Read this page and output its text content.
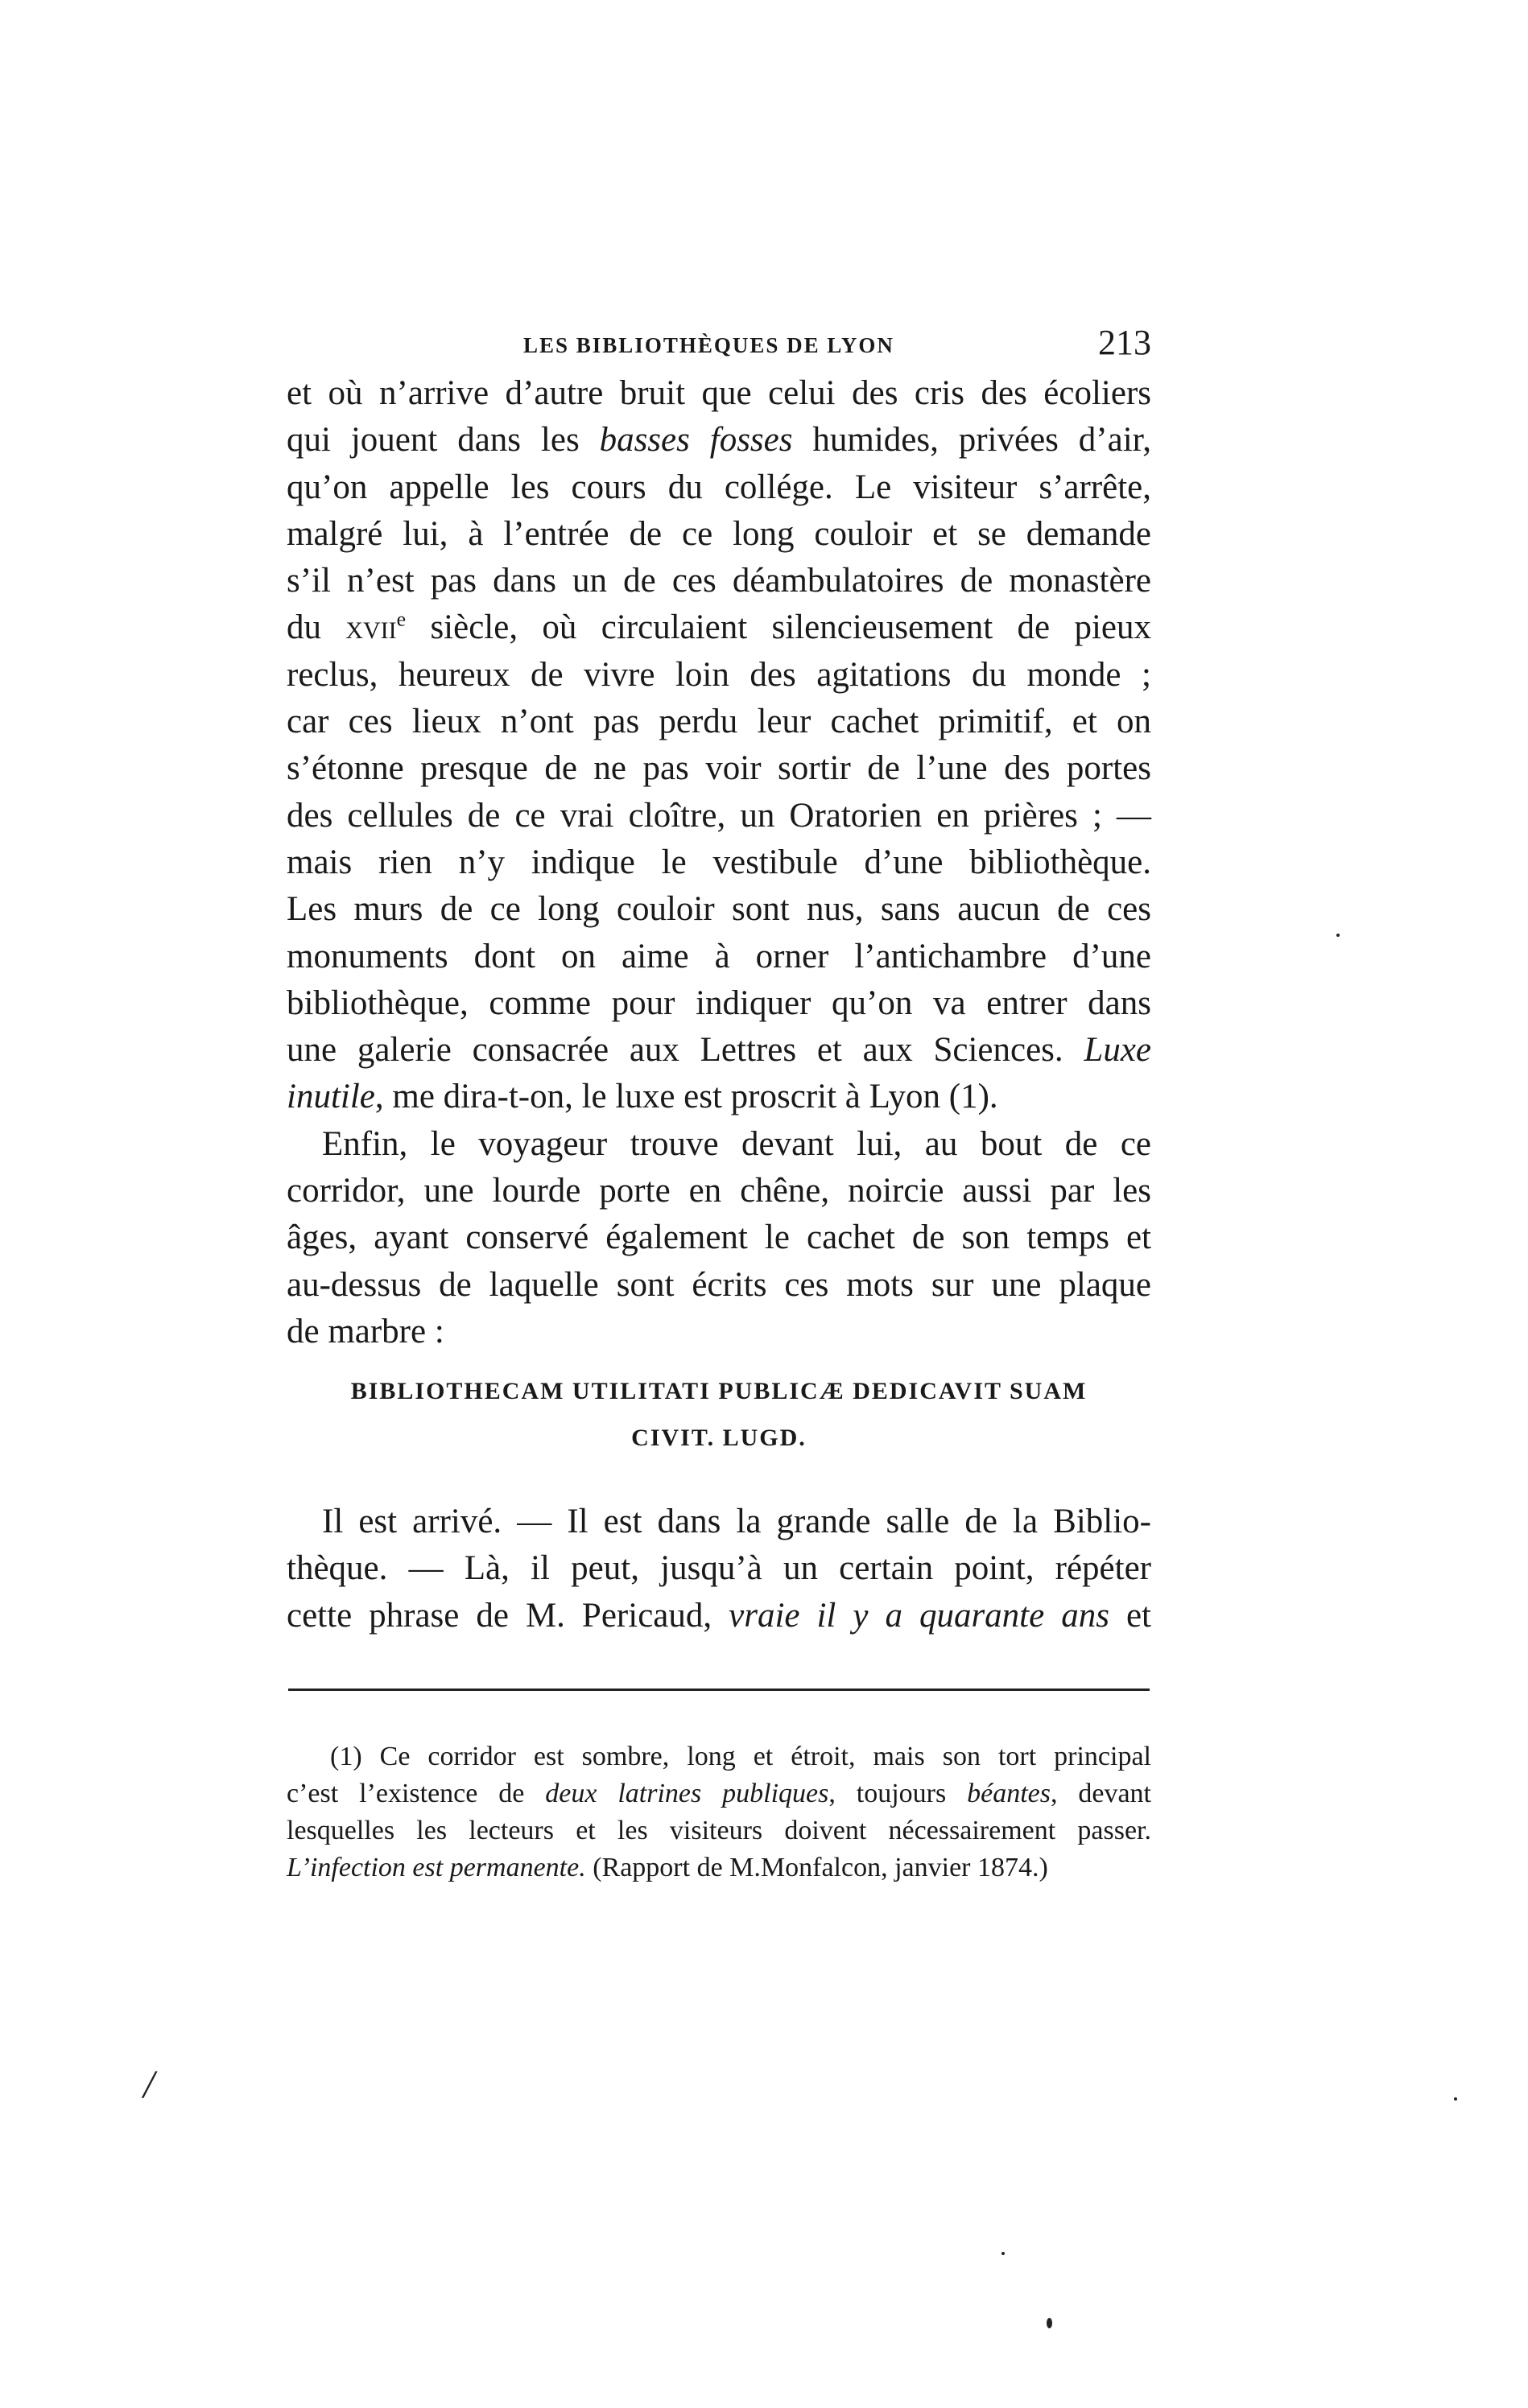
LES BIBLIOTHÈQUES DE LYON	213
et où n’arrive d’autre bruit que celui des cris des écoliers
qui jouent dans les basses fosses humides, privées d’air,
qu’on appelle les cours du collége. Le visiteur s’arrête,
malgré lui, à l’entrée de ce long couloir et se demande
s’il n’est pas dans un de ces déambulatoires de monastère
du xvii$^e$ siècle, où circulaient silencieusement de pieux
reclus, heureux de vivre loin des agitations du monde ;
car ces lieux n’ont pas perdu leur cachet primitif, et on
s’étonne presque de ne pas voir sortir de l’une des portes
des cellules de ce vrai cloître, un Oratorien en prières ; —
mais rien n’y indique le vestibule d’une bibliothèque.
Les murs de ce long couloir sont nus, sans aucun de ces
monuments dont on aime à orner l’antichambre d’une
bibliothèque, comme pour indiquer qu’on va entrer dans
une galerie consacrée aux Lettres et aux Sciences. Luxe
inutile, me dira-t-on, le luxe est proscrit à Lyon (1).
Enfin, le voyageur trouve devant lui, au bout de ce
corridor, une lourde porte en chêne, noircie aussi par les
âges, ayant conservé également le cachet de son temps et
au-dessus de laquelle sont écrits ces mots sur une plaque
de marbre :
BIBLIOTHECAM UTILITATI PUBLICÆ DEDICAVIT SUAM
CIVIT. LUGD.
Il est arrivé. — Il est dans la grande salle de la Biblio-
thèque. — Là, il peut, jusqu’à un certain point, répéter
cette phrase de M. Pericaud, vraie il y a quarante ans et
(1) Ce corridor est sombre, long et étroit, mais son tort principal
c’est l’existence de deux latrines publiques, toujours béantes, devant
lesquelles les lecteurs et les visiteurs doivent nécessairement passer.
L’infection est permanente. (Rapport de M.Monfalcon, janvier 1874.)
/
